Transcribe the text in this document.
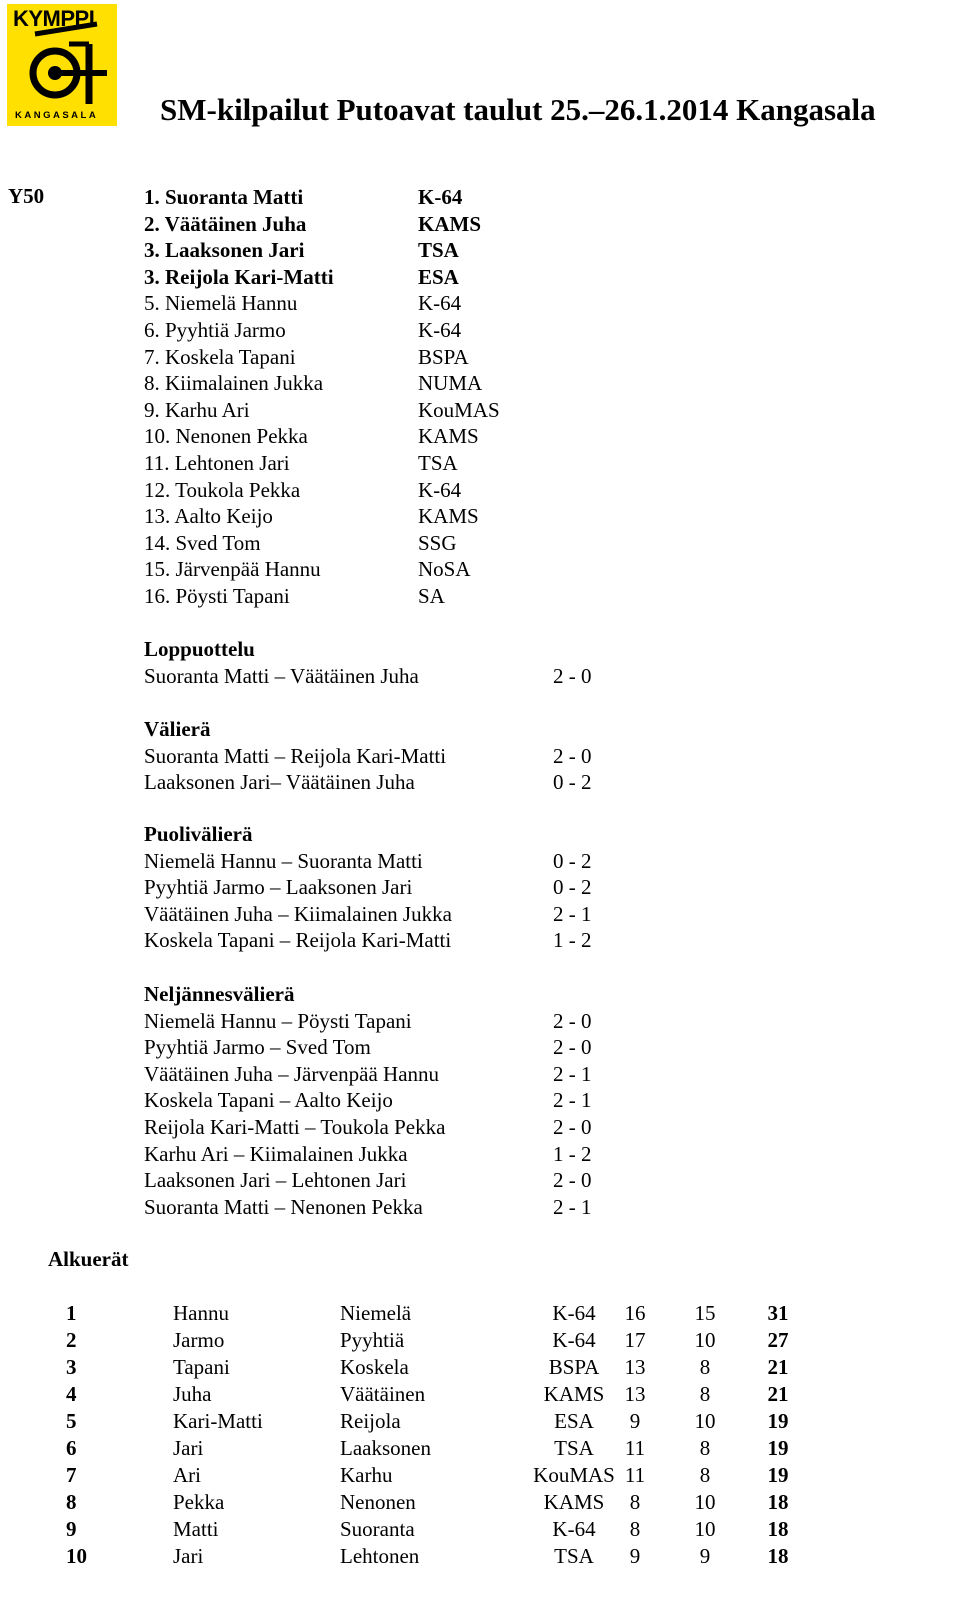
KYMPPI
KANGASALA SM-kilpailut Putoavat taulut 25.–26.1.2014 Kangasala
Y50	1. Suoranta Matti	K-64
2. Väätäinen Juha	KAMS
3. Laaksonen Jari	TSA
3. Reijola Kari-Matti	ESA
5. Niemelä Hannu	K-64
6. Pyyhtiä Jarmo	K-64
7. Koskela Tapani	BSPA
8. Kiimalainen Jukka	NUMA
9. Karhu Ari	KouMAS
10. Nenonen Pekka	KAMS
11. Lehtonen Jari	TSA
12. Toukola Pekka	K-64
13. Aalto Keijo	KAMS
14. Sved Tom	SSG
15. Järvenpää Hannu	NoSA
16. Pöysti Tapani	SA
Loppuottelu
Suoranta Matti – Väätäinen Juha	2 - 0
Välierä
Suoranta Matti – Reijola Kari-Matti	2 - 0
Laaksonen Jari– Väätäinen Juha	0 - 2
Puolivälierä
Niemelä Hannu – Suoranta Matti	0 - 2
Pyyhtiä Jarmo – Laaksonen Jari	0 - 2
Väätäinen Juha – Kiimalainen Jukka	2 - 1
Koskela Tapani – Reijola Kari-Matti	1 - 2
Neljännesvälierä
Niemelä Hannu – Pöysti Tapani	2 - 0
Pyyhtiä Jarmo – Sved Tom	2 - 0
Väätäinen Juha – Järvenpää Hannu	2 - 1
Koskela Tapani – Aalto Keijo	2 - 1
Reijola Kari-Matti – Toukola Pekka	2 - 0
Karhu Ari – Kiimalainen Jukka	1 - 2
Laaksonen Jari – Lehtonen Jari	2 - 0
Suoranta Matti – Nenonen Pekka	2 - 1
Alkuerät
1	Hannu	Niemelä	K-64	16	15	31
2	Jarmo	Pyyhtiä	K-64	17	10	27
3	Tapani	Koskela	BSPA	13	8	21
4	Juha	Väätäinen	KAMS 13	8	21
5	Kari-Matti	Reijola	ESA	9	10	19
6	Jari	Laaksonen	TSA	11	8	19
7	Ari	Karhu	KouMAS 11	8	19
8	Pekka	Nenonen	KAMS	8	10	18
9	Matti	Suoranta	K-64	8	10	18
10	Jari	Lehtonen	TSA	9	9	18
